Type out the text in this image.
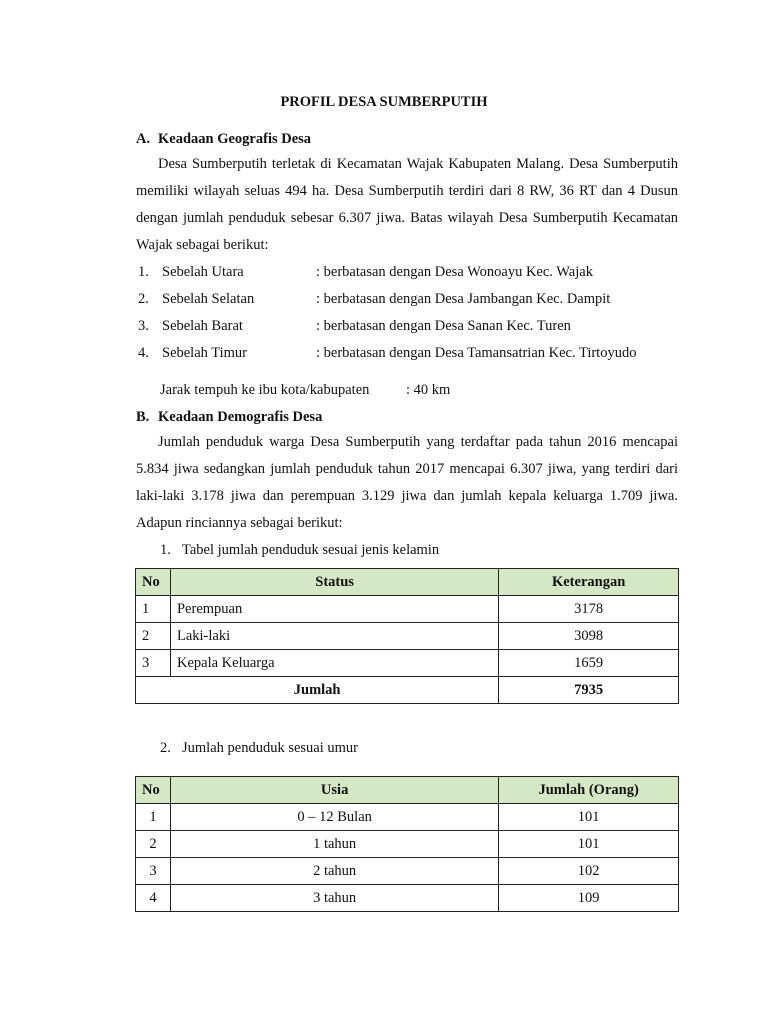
PROFIL DESA SUMBERPUTIH
A. Keadaan Geografis Desa
Desa Sumberputih terletak di Kecamatan Wajak Kabupaten Malang. Desa Sumberputih memiliki wilayah seluas 494 ha. Desa Sumberputih terdiri dari 8 RW, 36 RT dan 4 Dusun dengan jumlah penduduk sebesar 6.307 jiwa. Batas wilayah Desa Sumberputih Kecamatan Wajak sebagai berikut:
1. Sebelah Utara	: berbatasan dengan Desa Wonoayu Kec. Wajak
2. Sebelah Selatan	: berbatasan dengan Desa Jambangan Kec. Dampit
3. Sebelah Barat	: berbatasan dengan Desa Sanan Kec. Turen
4. Sebelah Timur	: berbatasan dengan Desa Tamansatrian Kec. Tirtoyudo
Jarak tempuh ke ibu kota/kabupaten	: 40 km
B. Keadaan Demografis Desa
Jumlah penduduk warga Desa Sumberputih yang terdaftar pada tahun 2016 mencapai 5.834 jiwa sedangkan jumlah penduduk tahun 2017 mencapai 6.307 jiwa, yang terdiri dari laki-laki 3.178 jiwa dan perempuan 3.129 jiwa dan jumlah kepala keluarga 1.709 jiwa. Adapun rinciannya sebagai berikut:
1. Tabel jumlah penduduk sesuai jenis kelamin
No	Status	Keterangan
1	Perempuan	3178
2	Laki-laki	3098
3	Kepala Keluarga	1659
Jumlah		7935
2. Jumlah penduduk sesuai umur
No	Usia	Jumlah (Orang)
1	0 – 12 Bulan	101
2	1 tahun	101
3	2 tahun	102
4	3 tahun	109
